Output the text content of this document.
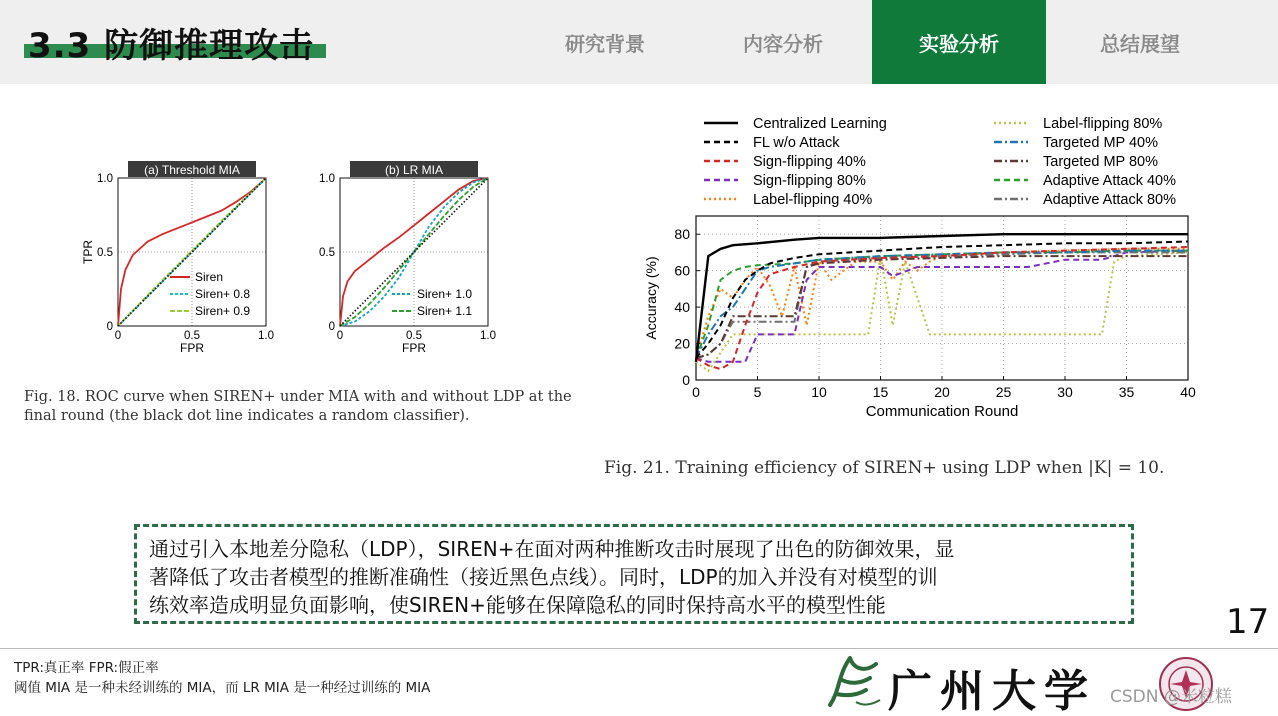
3.3 防御推理攻击	研究背景	内容分析	实验分析	总结展望
(a) Threshold MIA
0
0
0.5
0.5
1.0
1.0
FPR
TPR
Siren
Siren+ 0.8
Siren+ 0.9
(b) LR MIA
0
0
0.5
0.5
1.0
1.0
FPR
Siren+ 1.0
Siren+ 1.1
Fig. 18. ROC curve when SIREN+ under MIA with and without LDP at the
final round (the black dot line indicates a random classifier).
Centralized Learning
FL w/o Attack
Sign-flipping 40%
Sign-flipping 80%
Label-flipping 40%
Label-flipping 80%
Targeted MP 40%
Targeted MP 80%
Adaptive Attack 40%
Adaptive Attack 80%
0	5	10	15	20	25	30	35	40
0
20
40
60
80
Communication Round
Accuracy (%)
Fig. 21. Training efficiency of SIREN+ using LDP when |K| = 10.
通过引入本地差分隐私（LDP），SIREN+在面对两种推断攻击时展现了出色的防御效果，显
著降低了攻击者模型的推断准确性（接近黑色点线）。同时，LDP的加入并没有对模型的训
练效率造成明显负面影响，使SIREN+能够在保障隐私的同时保持高水平的模型性能	17
TPR:真正率 FPR:假正率
阈值 MIA 是一种未经训练的 MIA，而 LR MIA 是一种经过训练的 MIA	广州大学 CSDN @米粒糕
